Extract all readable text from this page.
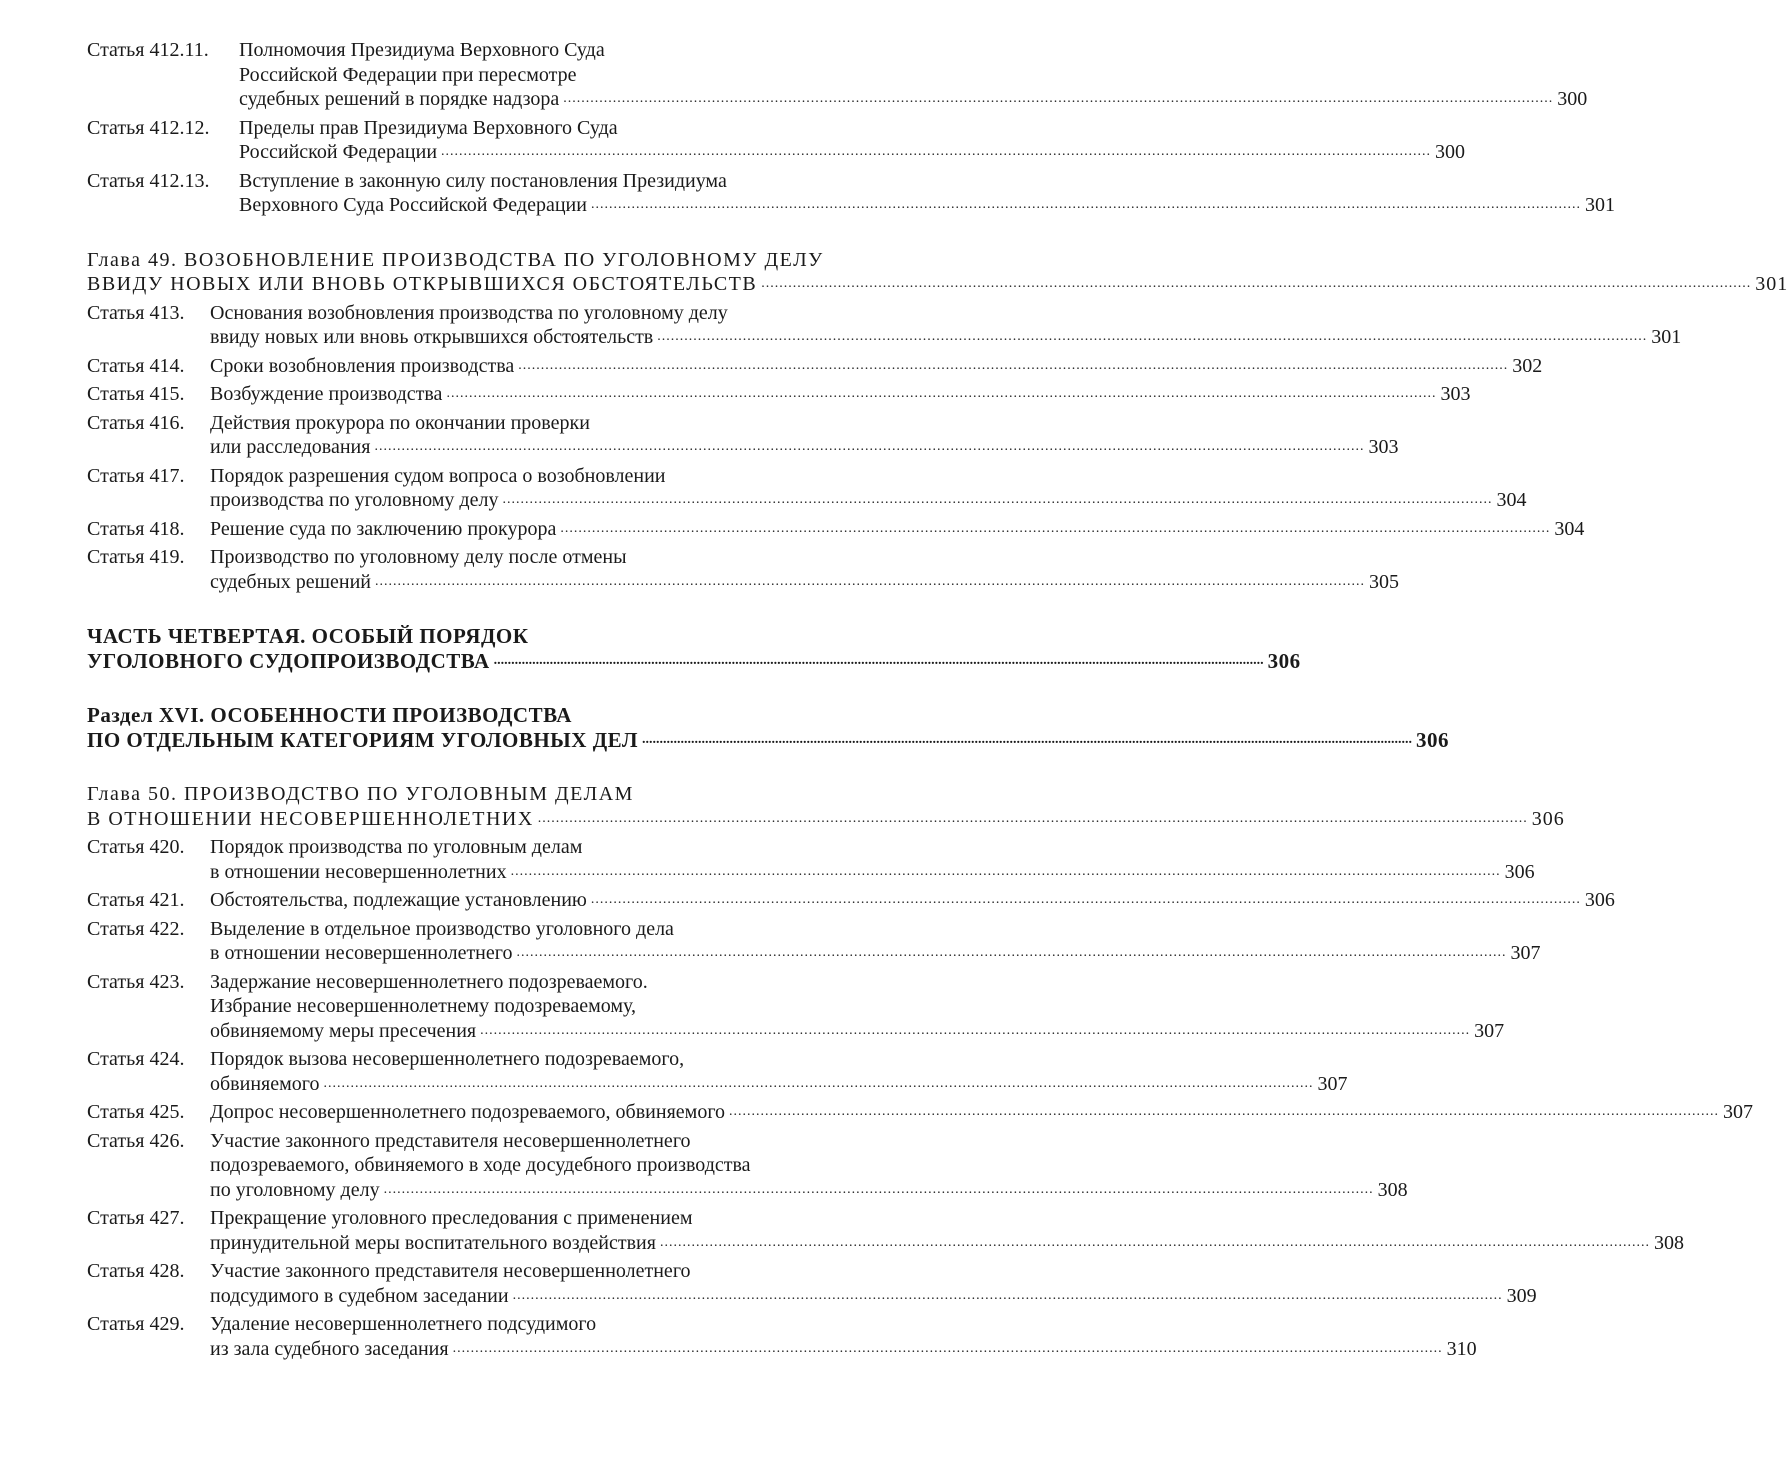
Статья 412.11.	Полномочия Президиума Верховного Суда
Российской Федерации при пересмотре
судебных решений в порядке надзора ............................................................................................................................................................................................................................ 300
Статья 412.12.	Пределы прав Президиума Верховного Суда
Российской Федерации ............................................................................................................................................................................................................................ 300
Статья 412.13.	Вступление в законную силу постановления Президиума
Верховного Суда Российской Федерации ............................................................................................................................................................................................................................ 301
Глава 49. ВОЗОБНОВЛЕНИЕ ПРОИЗВОДСТВА ПО УГОЛОВНОМУ ДЕЛУ
ВВИДУ НОВЫХ ИЛИ ВНОВЬ ОТКРЫВШИХСЯ ОБСТОЯТЕЛЬСТВ ............................................................................................................................................................................................................................ 301
Статья 413.	Основания возобновления производства по уголовному делу
ввиду новых или вновь открывшихся обстоятельств ............................................................................................................................................................................................................................ 301
Статья 414.	Сроки возобновления производства ............................................................................................................................................................................................................................ 302
Статья 415.	Возбуждение производства ............................................................................................................................................................................................................................ 303
Статья 416.	Действия прокурора по окончании проверки
или расследования ............................................................................................................................................................................................................................ 303
Статья 417.	Порядок разрешения судом вопроса о возобновлении
производства по уголовному делу ............................................................................................................................................................................................................................ 304
Статья 418.	Решение суда по заключению прокурора ............................................................................................................................................................................................................................ 304
Статья 419.	Производство по уголовному делу после отмены
судебных решений ............................................................................................................................................................................................................................ 305
ЧАСТЬ ЧЕТВЕРТАЯ. ОСОБЫЙ ПОРЯДОК
УГОЛОВНОГО СУДОПРОИЗВОДСТВА ............................................................................................................................................................................................................................ 306
Раздел XVI. ОСОБЕННОСТИ ПРОИЗВОДСТВА
ПО ОТДЕЛЬНЫМ КАТЕГОРИЯМ УГОЛОВНЫХ ДЕЛ ............................................................................................................................................................................................................................ 306
Глава 50. ПРОИЗВОДСТВО ПО УГОЛОВНЫМ ДЕЛАМ
В ОТНОШЕНИИ НЕСОВЕРШЕННОЛЕТНИХ ............................................................................................................................................................................................................................ 306
Статья 420.	Порядок производства по уголовным делам
в отношении несовершеннолетних ............................................................................................................................................................................................................................ 306
Статья 421.	Обстоятельства, подлежащие установлению ............................................................................................................................................................................................................................ 306
Статья 422.	Выделение в отдельное производство уголовного дела
в отношении несовершеннолетнего ............................................................................................................................................................................................................................ 307
Статья 423.	Задержание несовершеннолетнего подозреваемого.
Избрание несовершеннолетнему подозреваемому,
обвиняемому меры пресечения ............................................................................................................................................................................................................................ 307
Статья 424.	Порядок вызова несовершеннолетнего подозреваемого,
обвиняемого ............................................................................................................................................................................................................................ 307
Статья 425.	Допрос несовершеннолетнего подозреваемого, обвиняемого ............................................................................................................................................................................................................................ 307
Статья 426.	Участие законного представителя несовершеннолетнего
подозреваемого, обвиняемого в ходе досудебного производства
по уголовному делу ............................................................................................................................................................................................................................ 308
Статья 427.	Прекращение уголовного преследования с применением
принудительной меры воспитательного воздействия ............................................................................................................................................................................................................................ 308
Статья 428.	Участие законного представителя несовершеннолетнего
подсудимого в судебном заседании ............................................................................................................................................................................................................................ 309
Статья 429.	Удаление несовершеннолетнего подсудимого
из зала судебного заседания ............................................................................................................................................................................................................................ 310
